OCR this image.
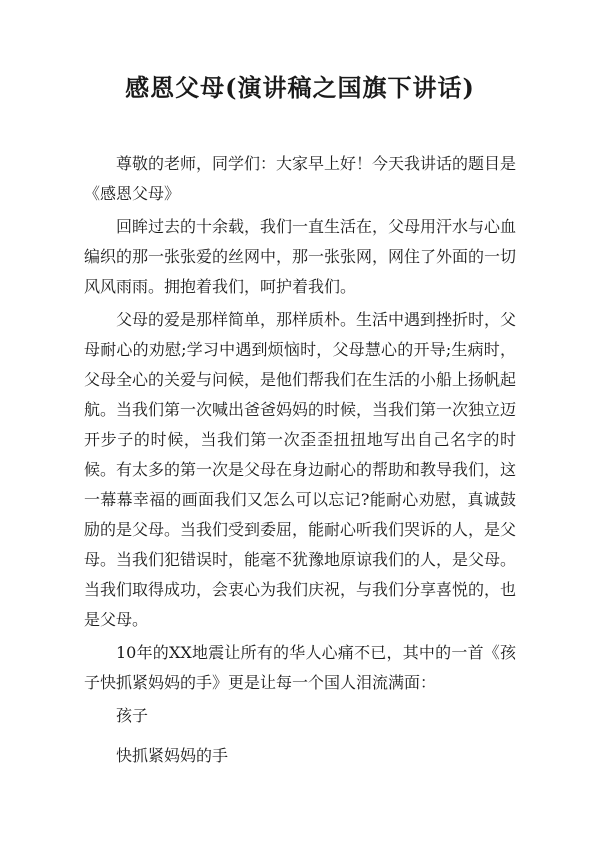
感恩父母(演讲稿之国旗下讲话)

尊敬的老师，同学们：大家早上好！今天我讲话的题目是《感恩父母》

回眸过去的十余载，我们一直生活在，父母用汗水与心血编织的那一张张爱的丝网中，那一张张网，网住了外面的一切风风雨雨。拥抱着我们，呵护着我们。

父母的爱是那样简单，那样质朴。生活中遇到挫折时，父母耐心的劝慰;学习中遇到烦恼时，父母慧心的开导;生病时，父母全心的关爱与问候，是他们帮我们在生活的小船上扬帆起航。当我们第一次喊出爸爸妈妈的时候，当我们第一次独立迈开步子的时候，当我们第一次歪歪扭扭地写出自己名字的时候。有太多的第一次是父母在身边耐心的帮助和教导我们，这一幕幕幸福的画面我们又怎么可以忘记?能耐心劝慰，真诚鼓励的是父母。当我们受到委屈，能耐心听我们哭诉的人，是父母。当我们犯错误时，能毫不犹豫地原谅我们的人，是父母。当我们取得成功，会衷心为我们庆祝，与我们分享喜悦的，也是父母。

10年的XX地震让所有的华人心痛不已，其中的一首《孩子快抓紧妈妈的手》更是让每一个国人泪流满面：

孩子

快抓紧妈妈的手
